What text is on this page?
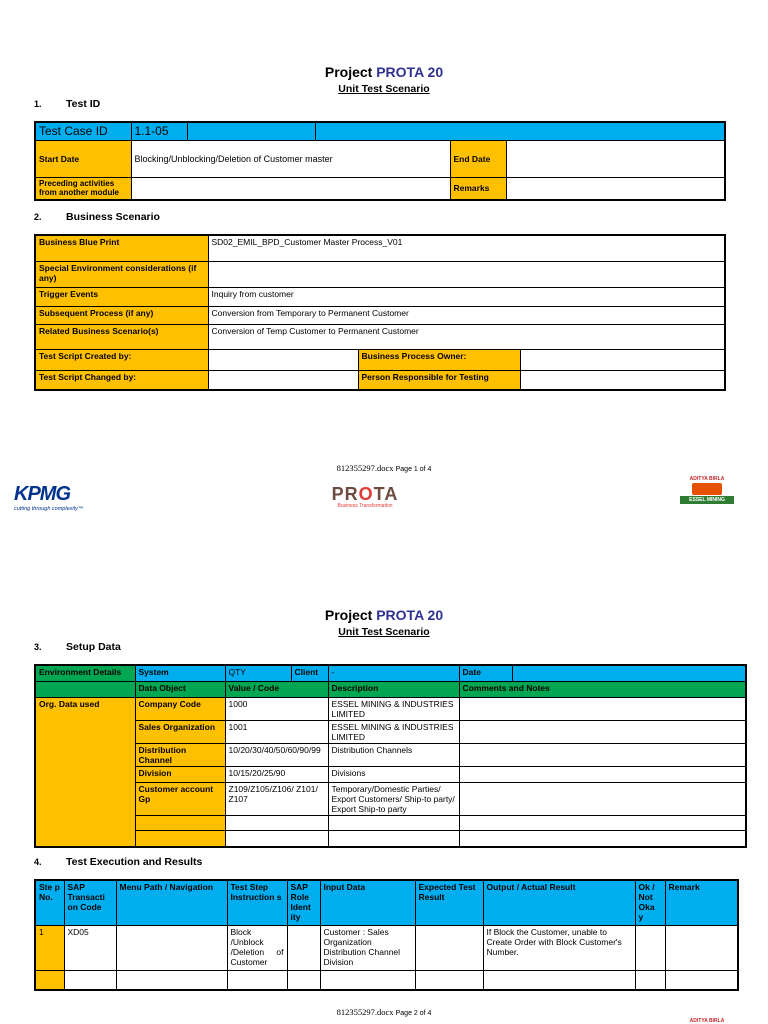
Project PROTA 20
Unit Test Scenario
1. Test ID
Test Case ID	1.1-05				
Start Date	Blocking/Unblocking/Deletion of Customer master			End Date	
Preceding activities from another module				Remarks	
2. Business Scenario
Business Blue Print	SD02_EMIL_BPD_Customer Master Process_V01		
Special Environment considerations (if any)			
Trigger Events	Inquiry from customer		
Subsequent Process (if any)	Conversion from Temporary to Permanent Customer		
Related Business Scenario(s)	Conversion of Temp Customer to Permanent Customer		
Test Script Created by:		Business Process Owner:	
Test Script Changed by:		Person Responsible for Testing	
812355297.docx Page 1 of 4
KPMG
cutting through complexity™
PROTA
Business Transformation
ADITYA BIRLA
ESSEL MINING
Project PROTA 20
Unit Test Scenario
3. Setup Data
Environment Details	System	QTY	Client	-	Date	
	Data Object	Value / Code		Description	Comments and Notes	
Org. Data used	Company Code	1000		ESSEL MINING & INDUSTRIES LIMITED		
	Sales Organization	1001		ESSEL MINING & INDUSTRIES LIMITED		
	Distribution Channel	10/20/30/40/50/60/90/99		Distribution Channels		
	Division	10/15/20/25/90		Divisions		
	Customer account Gp	Z109/Z105/Z106/ Z101/ Z107		Temporary/Domestic Parties/ Export Customers/ Ship-to party/ Export Ship-to party		

4. Test Execution and Results
Ste p No.	SAP Transacti on Code	Menu Path / Navigation	Test Step Instruction s	SAP Role Ident ity	Input Data	Expected Test Result	Output / Actual Result	Ok / Not Oka y	Remark
1	XD05		Block /Unblock /Deletion of Customer		Customer : Sales Organization Distribution Channel Division		If Block the Customer, unable to Create Order with Block Customer's Number.		

812355297.docx Page 2 of 4
ADITYA BIRLA
